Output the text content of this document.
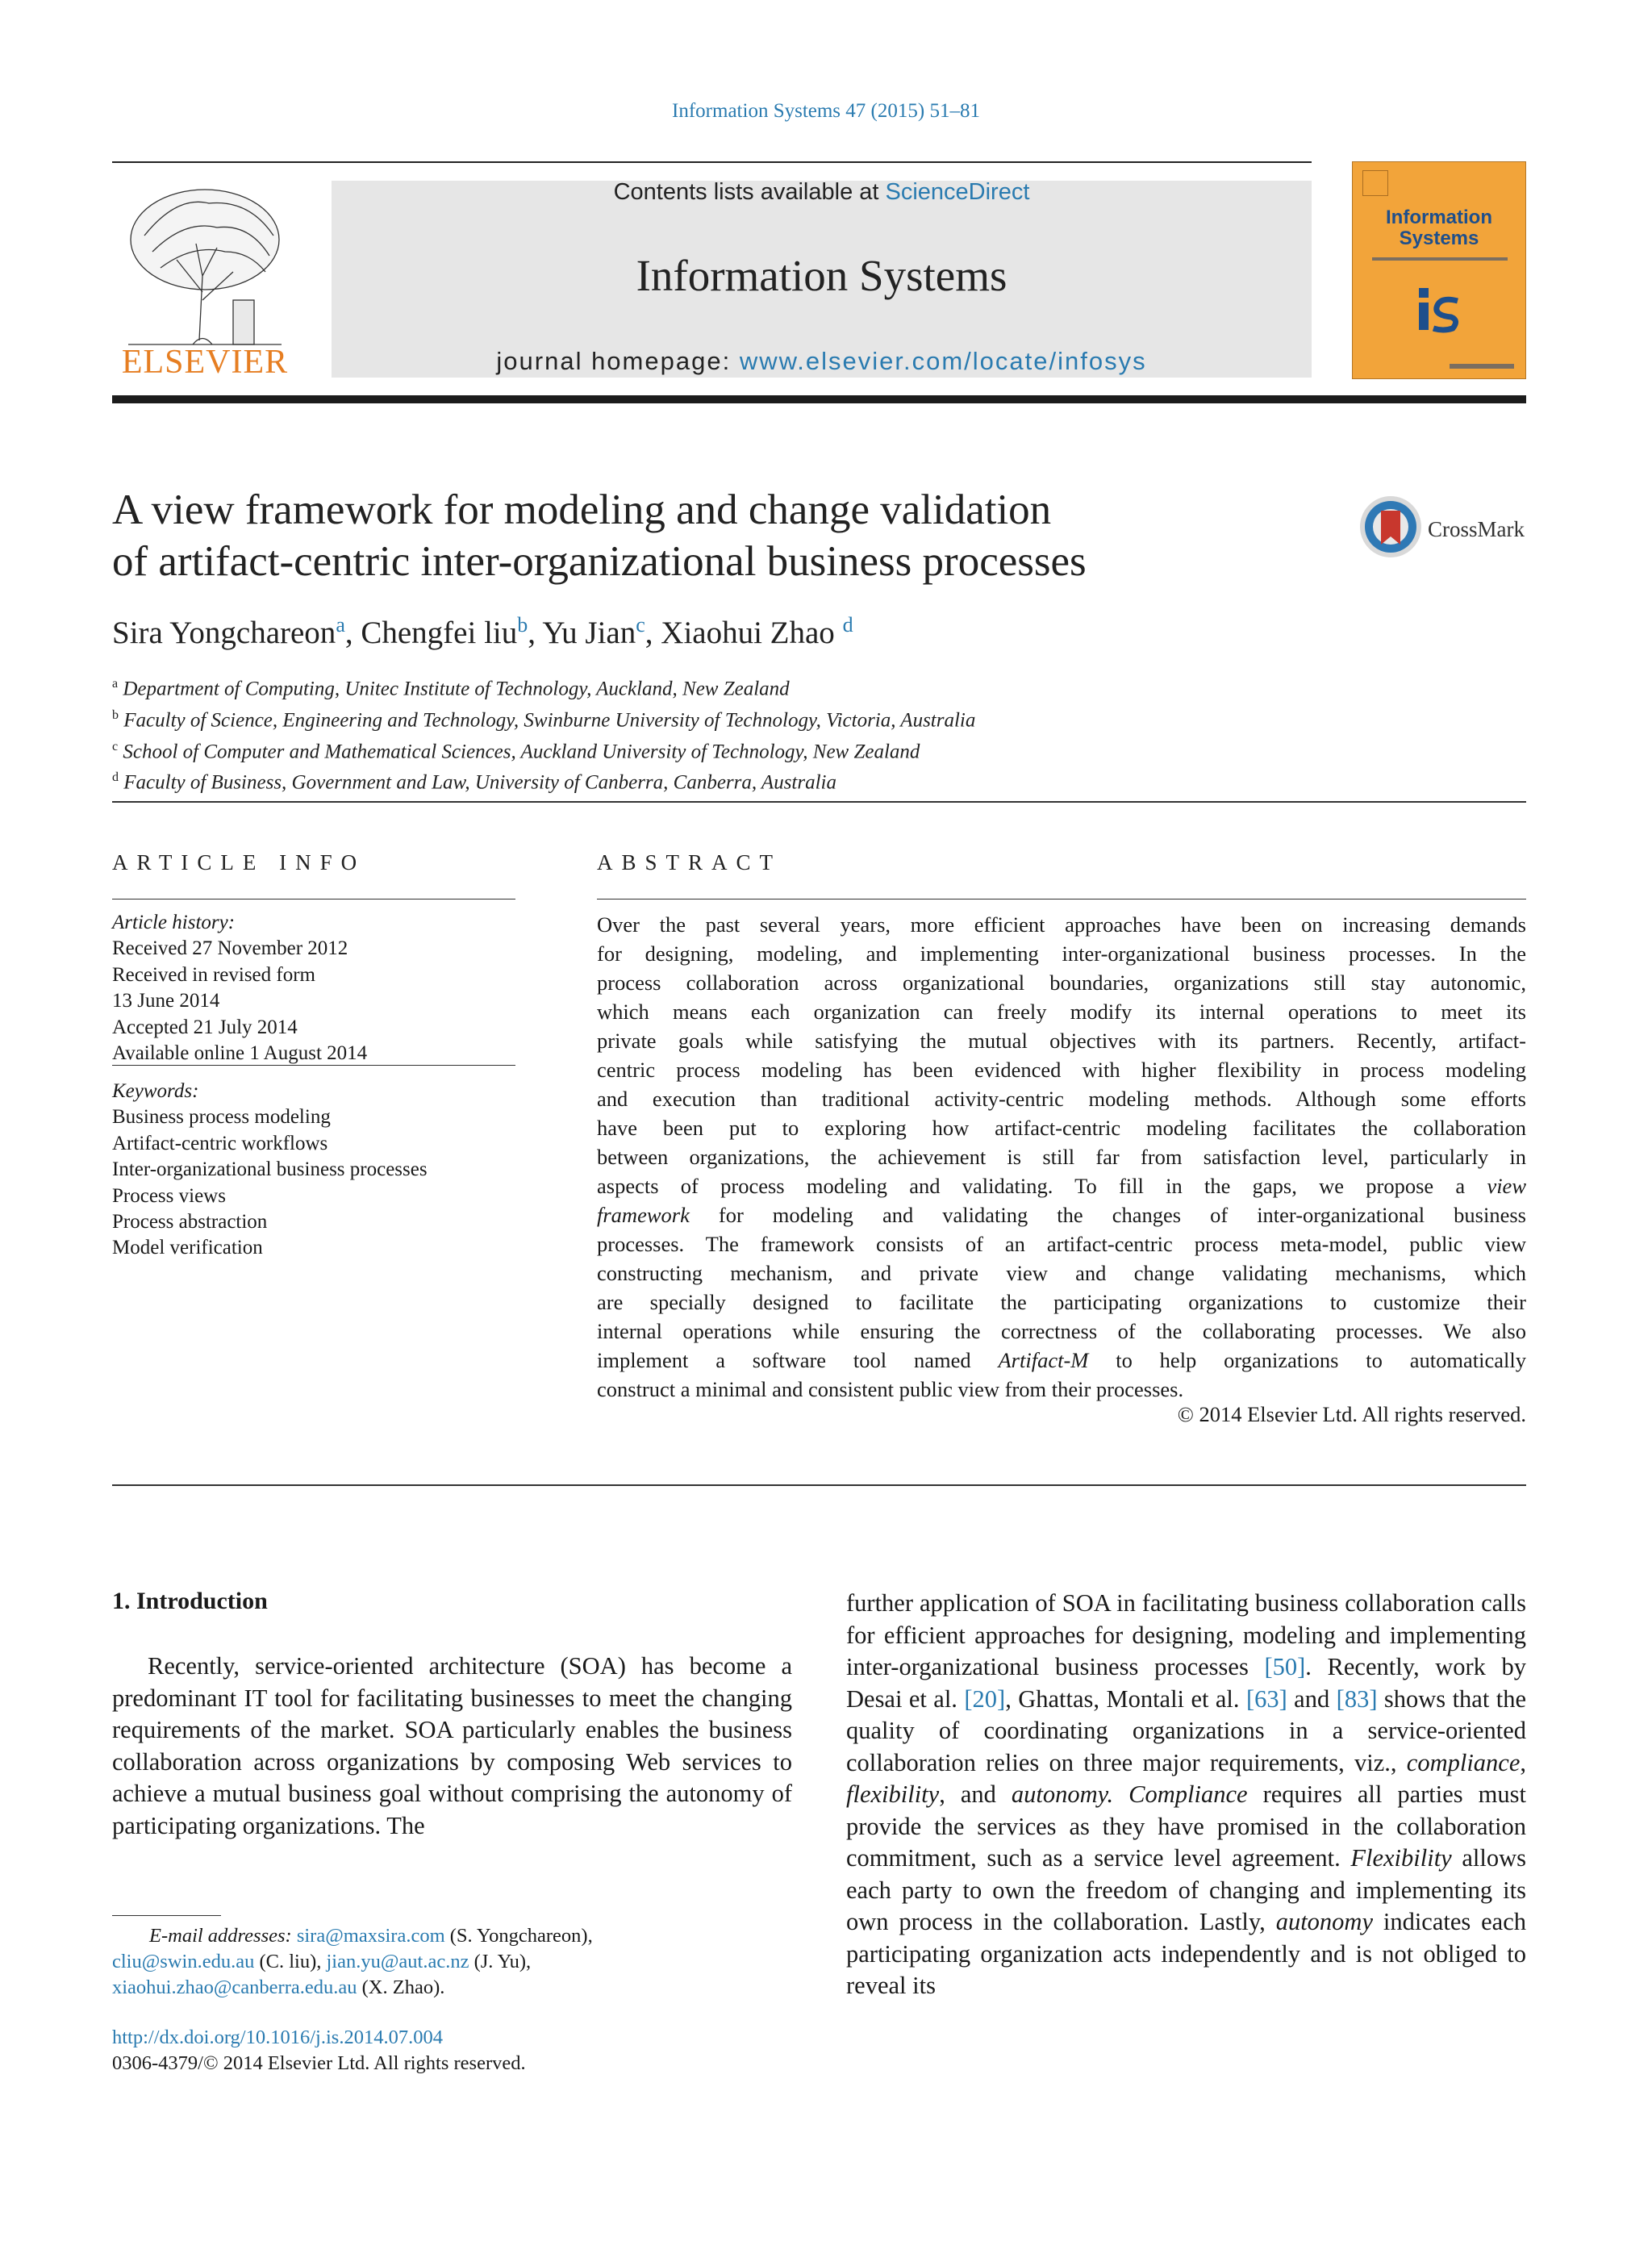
Information Systems 47 (2015) 51–81
ELSEVIER
Contents lists available at ScienceDirect
Information Systems
journal homepage: www.elsevier.com/locate/infosys
Information
Systems
A view framework for modeling and change validation
of artifact-centric inter-organizational business processes
CrossMark
Sira Yongchareon$^a$, Chengfei liu$^b$, Yu Jian$^c$, Xiaohui Zhao $^d$
$^a$ Department of Computing, Unitec Institute of Technology, Auckland, New Zealand
$^b$ Faculty of Science, Engineering and Technology, Swinburne University of Technology, Victoria, Australia
$^c$ School of Computer and Mathematical Sciences, Auckland University of Technology, New Zealand
$^d$ Faculty of Business, Government and Law, University of Canberra, Canberra, Australia
ARTICLE INFO
Article history:
Received 27 November 2012
Received in revised form
13 June 2014
Accepted 21 July 2014
Available online 1 August 2014
Keywords:
Business process modeling
Artifact-centric workflows
Inter-organizational business processes
Process views
Process abstraction
Model verification
ABSTRACT
Over the past several years, more efficient approaches have been on increasing demands
for designing, modeling, and implementing inter-organizational business processes. In the
process collaboration across organizational boundaries, organizations still stay autonomic,
which means each organization can freely modify its internal operations to meet its
private goals while satisfying the mutual objectives with its partners. Recently, artifact-
centric process modeling has been evidenced with higher flexibility in process modeling
and execution than traditional activity-centric modeling methods. Although some efforts
have been put to exploring how artifact-centric modeling facilitates the collaboration
between organizations, the achievement is still far from satisfaction level, particularly in
aspects of process modeling and validating. To fill in the gaps, we propose a view
framework for modeling and validating the changes of inter-organizational business
processes. The framework consists of an artifact-centric process meta-model, public view
constructing mechanism, and private view and change validating mechanisms, which
are specially designed to facilitate the participating organizations to customize their
internal operations while ensuring the correctness of the collaborating processes. We also
implement a software tool named Artifact-M to help organizations to automatically
construct a minimal and consistent public view from their processes.
© 2014 Elsevier Ltd. All rights reserved.
1. Introduction

Recently, service-oriented architecture (SOA) has become a predominant IT tool for facilitating businesses to meet the changing requirements of the market. SOA particularly enables the business collaboration across organizations by composing Web services to achieve a mutual business goal without comprising the autonomy of participating organizations. The

further application of SOA in facilitating business collaboration calls for efficient approaches for designing, modeling and implementing inter-organizational business processes [50]. Recently, work by Desai et al. [20], Ghattas, Montali et al. [63] and [83] shows that the quality of coordinating organizations in a service-oriented collaboration relies on three major requirements, viz., compliance, flexibility, and autonomy. Compliance requires all parties must provide the services as they have promised in the collaboration commitment, such as a service level agreement. Flexibility allows each party to own the freedom of changing and implementing its own process in the collaboration. Lastly, autonomy indicates each participating organization acts independently and is not obliged to reveal its

E-mail addresses: sira@maxsira.com (S. Yongchareon),
cliu@swin.edu.au (C. liu), jian.yu@aut.ac.nz (J. Yu),
xiaohui.zhao@canberra.edu.au (X. Zhao).
http://dx.doi.org/10.1016/j.is.2014.07.004
0306-4379/© 2014 Elsevier Ltd. All rights reserved.
